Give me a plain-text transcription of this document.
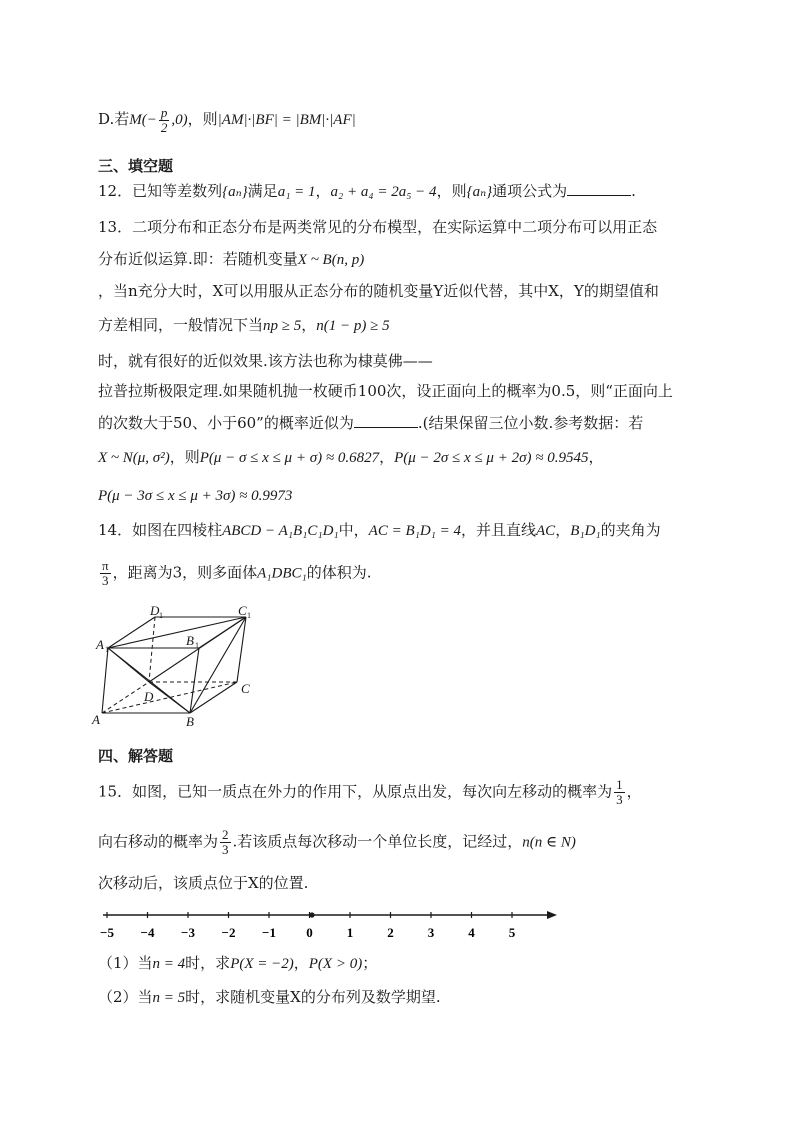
D.若$M(- \frac{p}{2} ,0)$，则|AM|·|BF| = |BM|·|AF|
三、填空题
12．已知等差数列{aₙ}满足a₁ = 1，a₂ + a₄ = 2a₅ − 4，则{aₙ}通项公式为	.
13．二项分布和正态分布是两类常见的分布模型，在实际运算中二项分布可以用正态
分布近似运算.即：若随机变量X ~ B(n, p)
，当n充分大时，X可以用服从正态分布的随机变量Y近似代替，其中X，Y的期望值和
方差相同，一般情况下当np ≥ 5，n(1 − p) ≥ 5
时，就有很好的近似效果.该方法也称为棣莫佛——
拉普拉斯极限定理.如果随机抛一枚硬币100次，设正面向上的概率为0.5，则“正面向上
的次数大于50、小于60”的概率近似为	.(结果保留三位小数.参考数据：若
X ~ N(μ, σ²)，则P(μ − σ ≤ x ≤ μ + σ) ≈ 0.6827，P(μ − 2σ ≤ x ≤ μ + 2σ) ≈ 0.9545，
P(μ − 3σ ≤ x ≤ μ + 3σ) ≈ 0.9973
14．如图在四棱柱ABCD − A₁B₁C₁D₁中，AC = B₁D₁ = 4，并且直线AC，B₁D₁的夹角为
$\frac{\pi}{3}$ ，距离为3，则多面体A₁DBC₁的体积为.
A	B
C
D
A 1
B 1
C 1
D 1
四、解答题
15．如图，已知一质点在外力的作用下，从原点出发，每次向左移动的概率为 $\frac{1}{3}$ ，
向右移动的概率为 $\frac{2}{3}$ .若该质点每次移动一个单位长度，记经过，n(n ∈ N)
次移动后，该质点位于X的位置.
−5 −4 −3 −2 −1 0	1	2	3	4	5
（1）当n = 4时，求P(X = −2)，P(X > 0)；
（2）当n = 5时，求随机变量X的分布列及数学期望.
